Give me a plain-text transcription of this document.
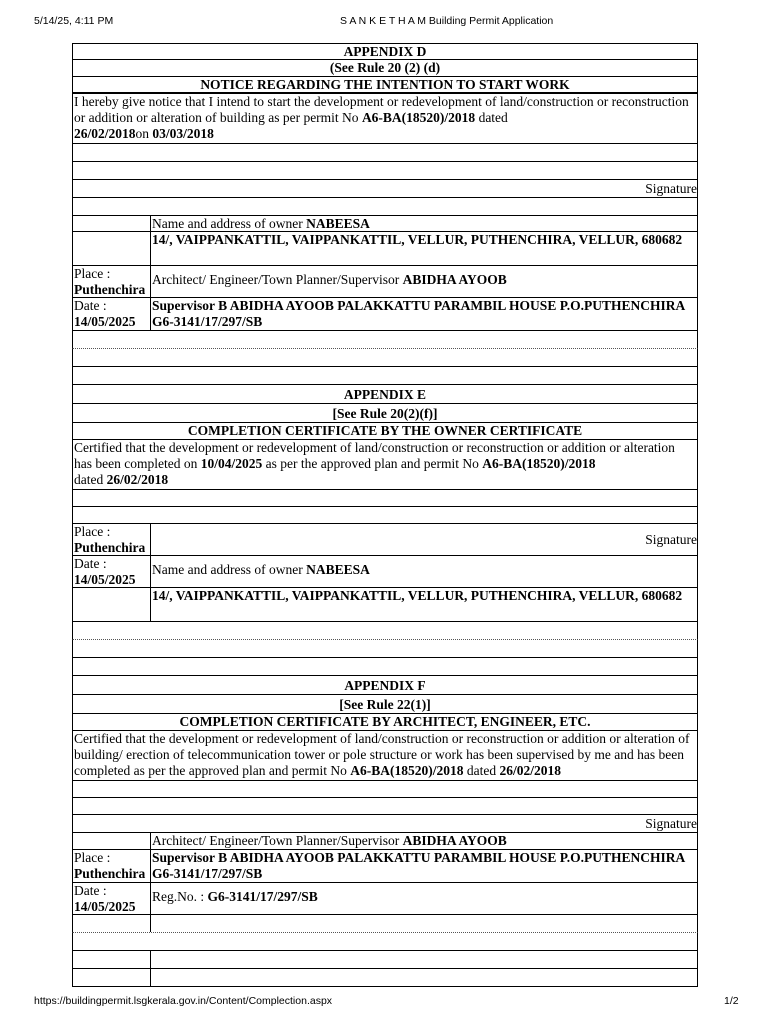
5/14/25, 4:11 PM	S A N K E T H A M Building Permit Application
APPENDIX D
(See Rule 20 (2) (d)
NOTICE REGARDING THE INTENTION TO START WORK
I hereby give notice that I intend to start the development or redevelopment of land/construction or reconstruction or addition or alteration of building as per permit No A6-BA(18520)/2018 dated
26/02/2018on 03/03/2018
Signature
Name and address of owner NABEESA
14/, VAIPPANKATTIL, VAIPPANKATTIL, VELLUR, PUTHENCHIRA, VELLUR, 680682
Place :
Puthenchira
Architect/ Engineer/Town Planner/Supervisor ABIDHA AYOOB
Date :
14/05/2025
Supervisor B ABIDHA AYOOB PALAKKATTU PARAMBIL HOUSE P.O.PUTHENCHIRA G6-3141/17/297/SB
APPENDIX E
[See Rule 20(2)(f)]
COMPLETION CERTIFICATE BY THE OWNER CERTIFICATE
Certified that the development or redevelopment of land/construction or reconstruction or addition or alteration has been completed on 10/04/2025 as per the approved plan and permit No A6-BA(18520)/2018
dated 26/02/2018
Place :
Puthenchira
Signature
Date :
14/05/2025
Name and address of owner NABEESA
14/, VAIPPANKATTIL, VAIPPANKATTIL, VELLUR, PUTHENCHIRA, VELLUR, 680682
APPENDIX F
[See Rule 22(1)]
COMPLETION CERTIFICATE BY ARCHITECT, ENGINEER, ETC.
Certified that the development or redevelopment of land/construction or reconstruction or addition or alteration of building/ erection of telecommunication tower or pole structure or work has been supervised by me and has been completed as per the approved plan and permit No A6-BA(18520)/2018 dated 26/02/2018
Signature
Architect/ Engineer/Town Planner/Supervisor ABIDHA AYOOB
Place :
Puthenchira
Supervisor B ABIDHA AYOOB PALAKKATTU PARAMBIL HOUSE P.O.PUTHENCHIRA G6-3141/17/297/SB
Date :
14/05/2025
Reg.No. : G6-3141/17/297/SB
https://buildingpermit.lsgkerala.gov.in/Content/Complection.aspx	1/2
